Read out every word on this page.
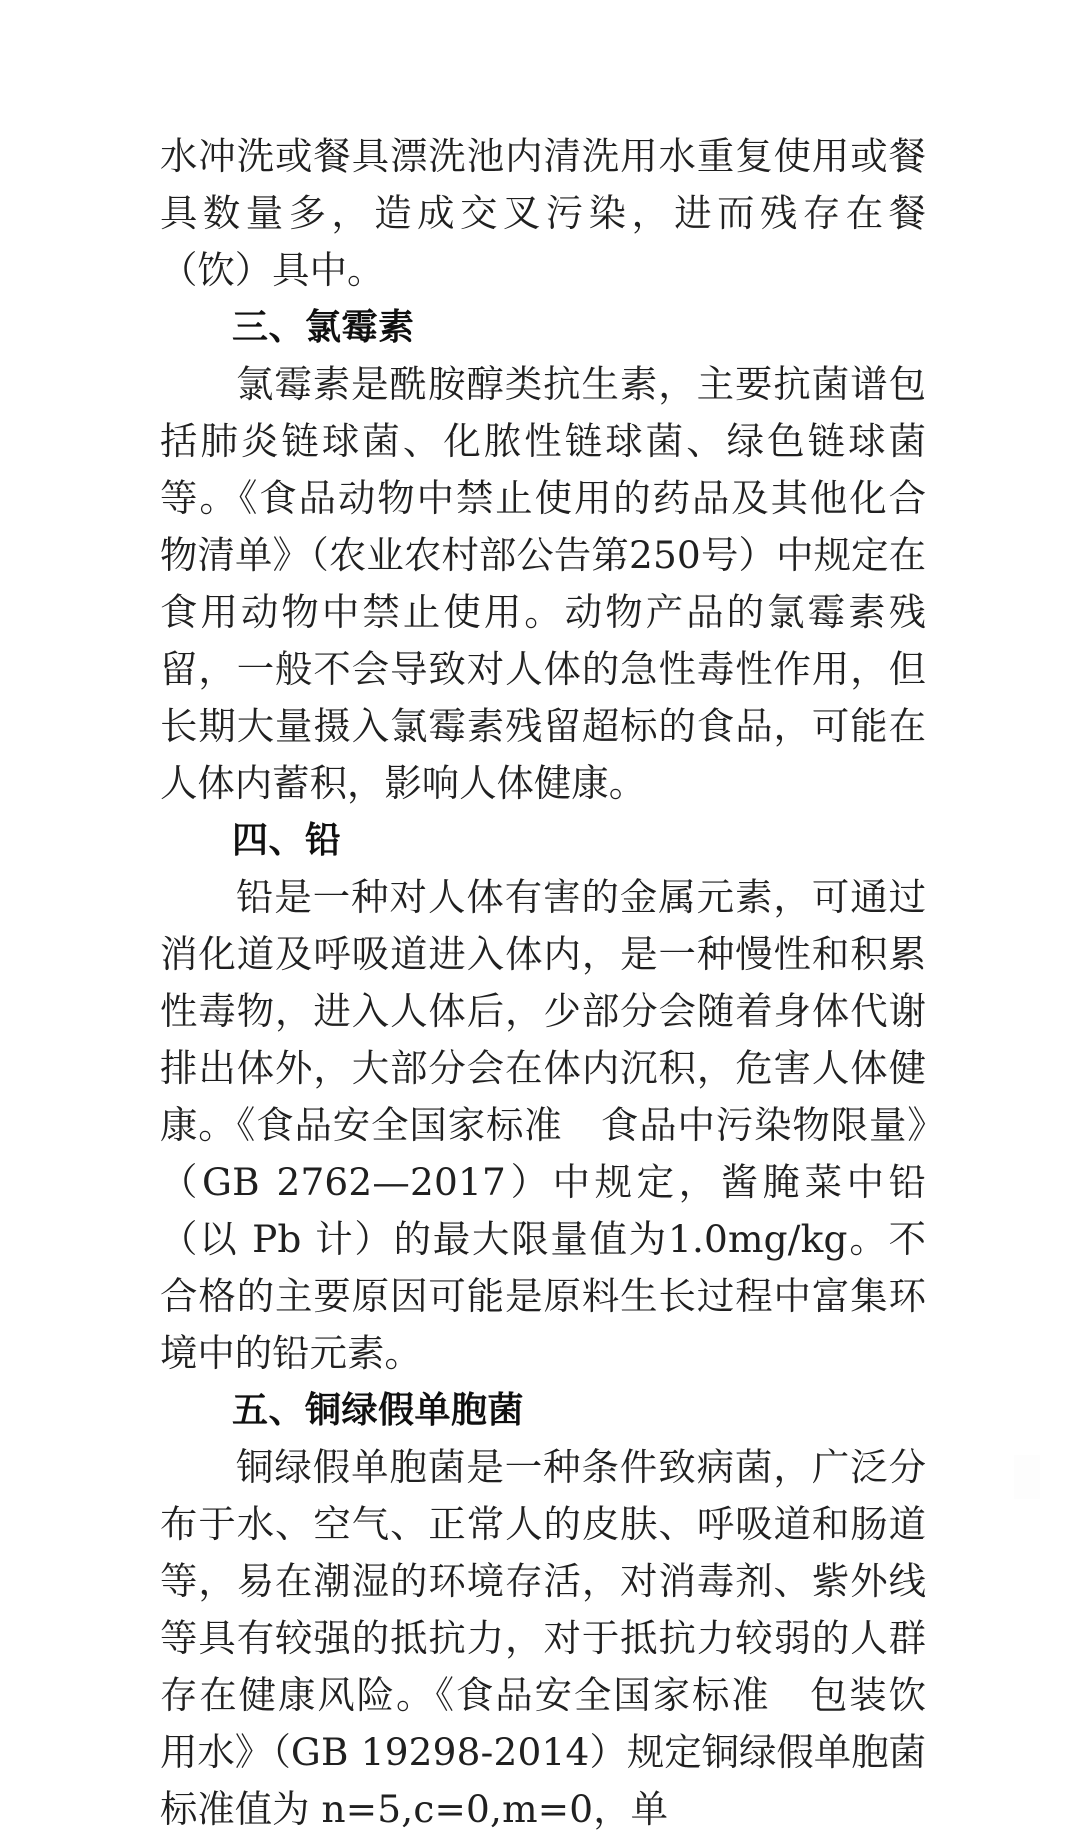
水冲洗或餐具漂洗池内清洗用水重复使用或餐具数量多，造成交叉污染，进而残存在餐（饮）具中。

三、氯霉素

氯霉素是酰胺醇类抗生素，主要抗菌谱包括肺炎链球菌、化脓性链球菌、绿色链球菌等。《食品动物中禁止使用的药品及其他化合物清单》（农业农村部公告第250号）中规定在食用动物中禁止使用。动物产品的氯霉素残留，一般不会导致对人体的急性毒性作用，但长期大量摄入氯霉素残留超标的食品，可能在人体内蓄积，影响人体健康。

四、铅

铅是一种对人体有害的金属元素，可通过消化道及呼吸道进入体内，是一种慢性和积累性毒物，进入人体后，少部分会随着身体代谢排出体外，大部分会在体内沉积，危害人体健康。《食品安全国家标准　食品中污染物限量》（GB 2762—2017）中规定，酱腌菜中铅（以 Pb 计）的最大限量值为1.0mg/kg。不合格的主要原因可能是原料生长过程中富集环境中的铅元素。

五、铜绿假单胞菌

铜绿假单胞菌是一种条件致病菌，广泛分布于水、空气、正常人的皮肤、呼吸道和肠道等，易在潮湿的环境存活，对消毒剂、紫外线等具有较强的抵抗力，对于抵抗力较弱的人群存在健康风险。《食品安全国家标准　包装饮用水》（GB 19298-2014）规定铜绿假单胞菌标准值为 n=5,c=0,m=0，单
